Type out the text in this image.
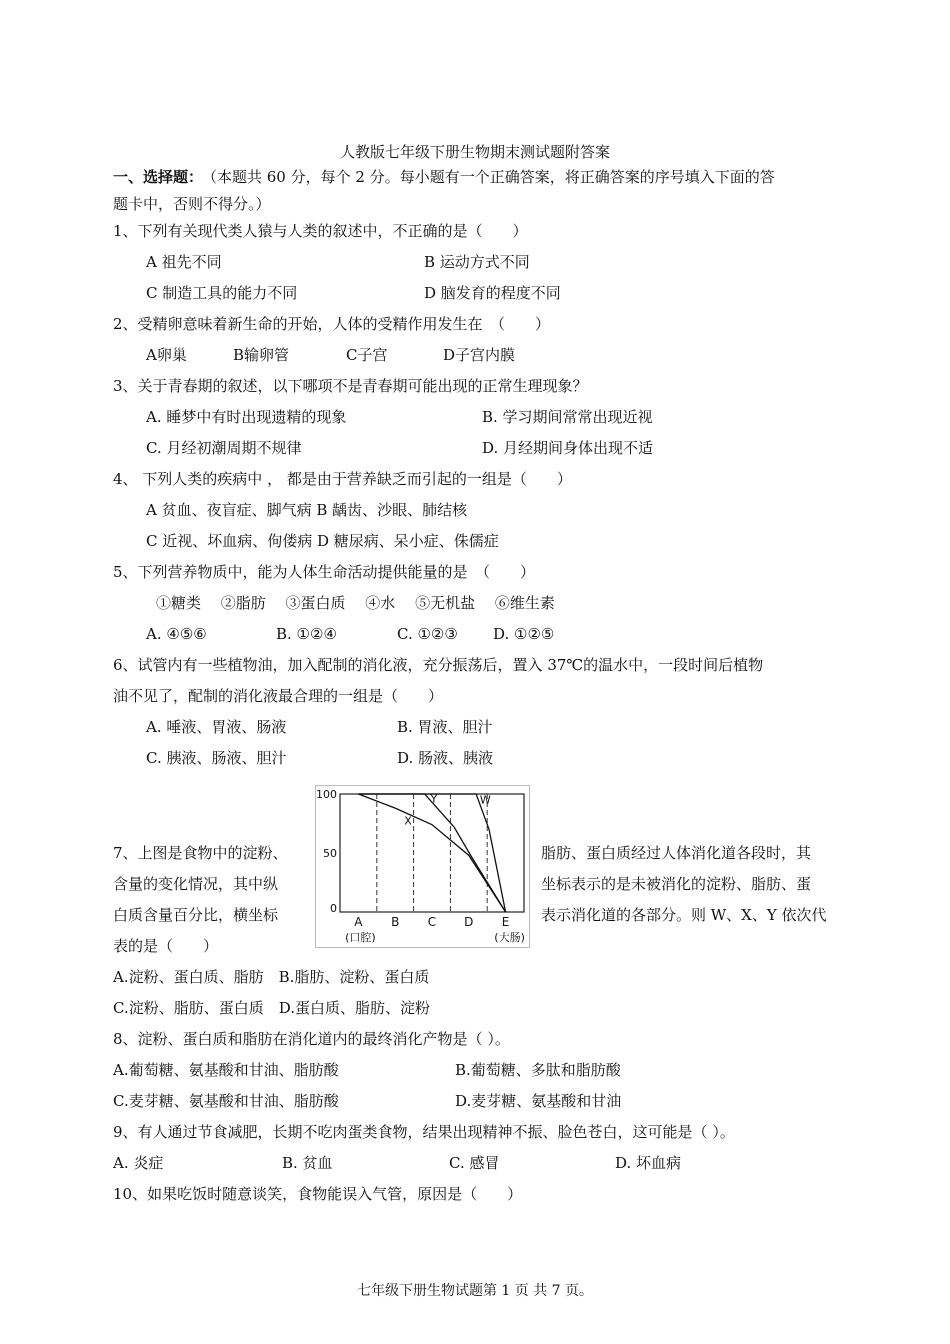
人教版七年级下册生物期末测试题附答案
一、选择题：
（本题共 60 分，每个 2 分。每小题有一个正确答案，将正确答案的序号填入下面的答
题卡中，否则不得分。）
1、下列有关现代类人猿与人类的叙述中，不正确的是（　　）
A 祖先不同	B 运动方式不同
C 制造工具的能力不同	D 脑发育的程度不同
2、受精卵意味着新生命的开始，人体的受精作用发生在　（　　）
A卵巢	B输卵管	C子宫	D子宫内膜
3、关于青春期的叙述，以下哪项不是青春期可能出现的正常生理现象？
A. 睡梦中有时出现遗精的现象	B. 学习期间常常出现近视
C. 月经初潮周期不规律	D. 月经期间身体出现不适
4、 下列人类的疾病中 ， 都是由于营养缺乏而引起的一组是（　　）
A 贫血、夜盲症、脚气病 B 龋齿、沙眼、肺结核
C 近视、坏血病、佝偻病 D 糖尿病、呆小症、侏儒症
5、下列营养物质中，能为人体生命活动提供能量的是　（　　）
①糖类　 ②脂肪　 ③蛋白质　 ④水　 ⑤无机盐　 ⑥维生素
A. ④⑤⑥	B. ①②④	C. ①②③ D. ①②⑤
6、试管内有一些植物油，加入配制的消化液，充分振荡后，置入 37℃的温水中，一段时间后植物
油不见了，配制的消化液最合理的一组是（　　）
A. 唾液、胃液、肠液	B. 胃液、胆汁
C. 胰液、肠液、胆汁	D. 肠液、胰液
100
50
0
A B C D E
X
Y	W
(口腔)	(大肠)
7、上图是食物中的淀粉、	脂肪、蛋白质经过人体消化道各段时，其
含量的变化情况，其中纵	坐标表示的是未被消化的淀粉、脂肪、蛋
白质含量百分比，横坐标	表示消化道的各部分。则 W、X、Y 依次代
表的是（　　）
A.淀粉、蛋白质、脂肪　B.脂肪、淀粉、蛋白质
C.淀粉、脂肪、蛋白质　D.蛋白质、脂肪、淀粉
8、淀粉、蛋白质和脂肪在消化道内的最终消化产物是（ ）。
A.葡萄糖、氨基酸和甘油、脂肪酸	B.葡萄糖、多肽和脂肪酸
C.麦芽糖、氨基酸和甘油、脂肪酸	D.麦芽糖、氨基酸和甘油
9、有人通过节食减肥，长期不吃肉蛋类食物，结果出现精神不振、脸色苍白，这可能是（ ）。
A. 炎症	B. 贫血	C. 感冒	D. 坏血病
10、如果吃饭时随意谈笑，食物能误入气管，原因是（　　）
七年级下册生物试题第 1 页 共 7 页。
